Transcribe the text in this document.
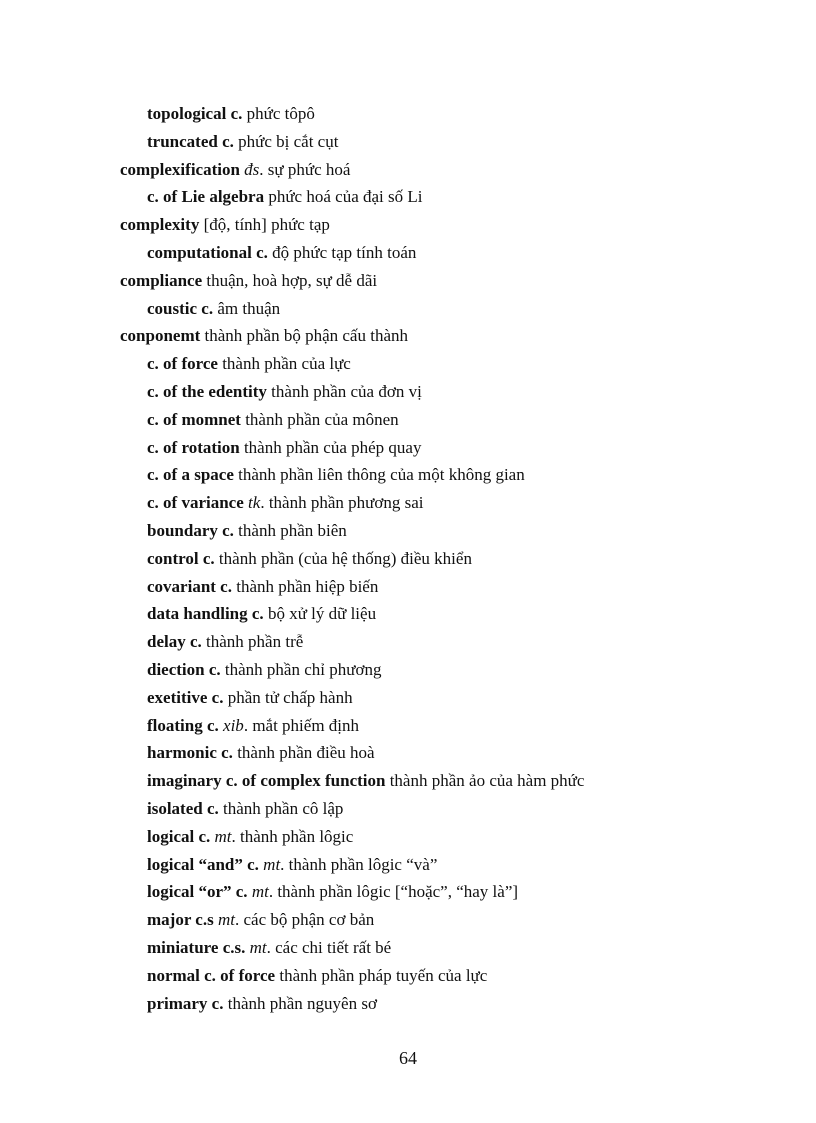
topological c. phức tôpô
truncated c. phức bị cắt cụt
complexification đs. sự phức hoá
c. of Lie algebra phức hoá của đại số Li
complexity [độ, tính] phức tạp
computational c. độ phức tạp tính toán
compliance thuận, hoà hợp, sự dễ dãi
coustic c. âm thuận
conponemt thành phần bộ phận cấu thành
c. of force thành phần của lực
c. of the edentity thành phần của đơn vị
c. of momnet thành phần của mônen
c. of rotation thành phần của phép quay
c. of a space thành phần liên thông của một không gian
c. of variance tk. thành phần phương sai
boundary c. thành phần biên
control c. thành phần (của hệ thống) điều khiển
covariant c. thành phần hiệp biến
data handling c. bộ xử lý dữ liệu
delay c. thành phần trễ
diection c. thành phần chỉ phương
exetitive c. phần tử chấp hành
floating c. xib. mắt phiếm định
harmonic c. thành phần điều hoà
imaginary c. of complex function thành phần ảo của hàm phức
isolated c. thành phần cô lập
logical c. mt. thành phần lôgic
logical “and” c. mt. thành phần lôgic “và”
logical “or” c. mt. thành phần lôgic [“hoặc”, “hay là”]
major c.s mt. các bộ phận cơ bản
miniature c.s. mt. các chi tiết rất bé
normal c. of force thành phần pháp tuyến của lực
primary c. thành phần nguyên sơ
64
